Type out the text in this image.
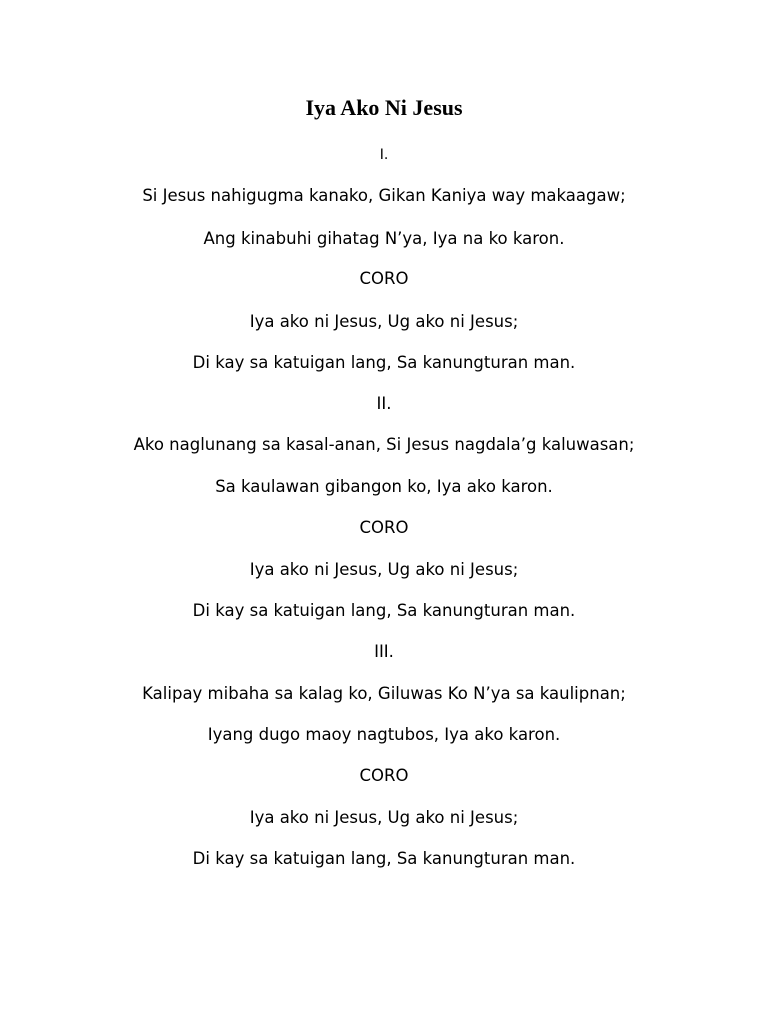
Iya Ako Ni Jesus
I.
Si Jesus nahigugma kanako, Gikan Kaniya way makaagaw;
Ang kinabuhi gihatag N’ya, Iya na ko karon.
CORO
Iya ako ni Jesus, Ug ako ni Jesus;
Di kay sa katuigan lang, Sa kanungturan man.
II.
Ako naglunang sa kasal-anan, Si Jesus nagdala’g kaluwasan;
Sa kaulawan gibangon ko, Iya ako karon.
CORO
Iya ako ni Jesus, Ug ako ni Jesus;
Di kay sa katuigan lang, Sa kanungturan man.
III.
Kalipay mibaha sa kalag ko, Giluwas Ko N’ya sa kaulipnan;
Iyang dugo maoy nagtubos, Iya ako karon.
CORO
Iya ako ni Jesus, Ug ako ni Jesus;
Di kay sa katuigan lang, Sa kanungturan man.
